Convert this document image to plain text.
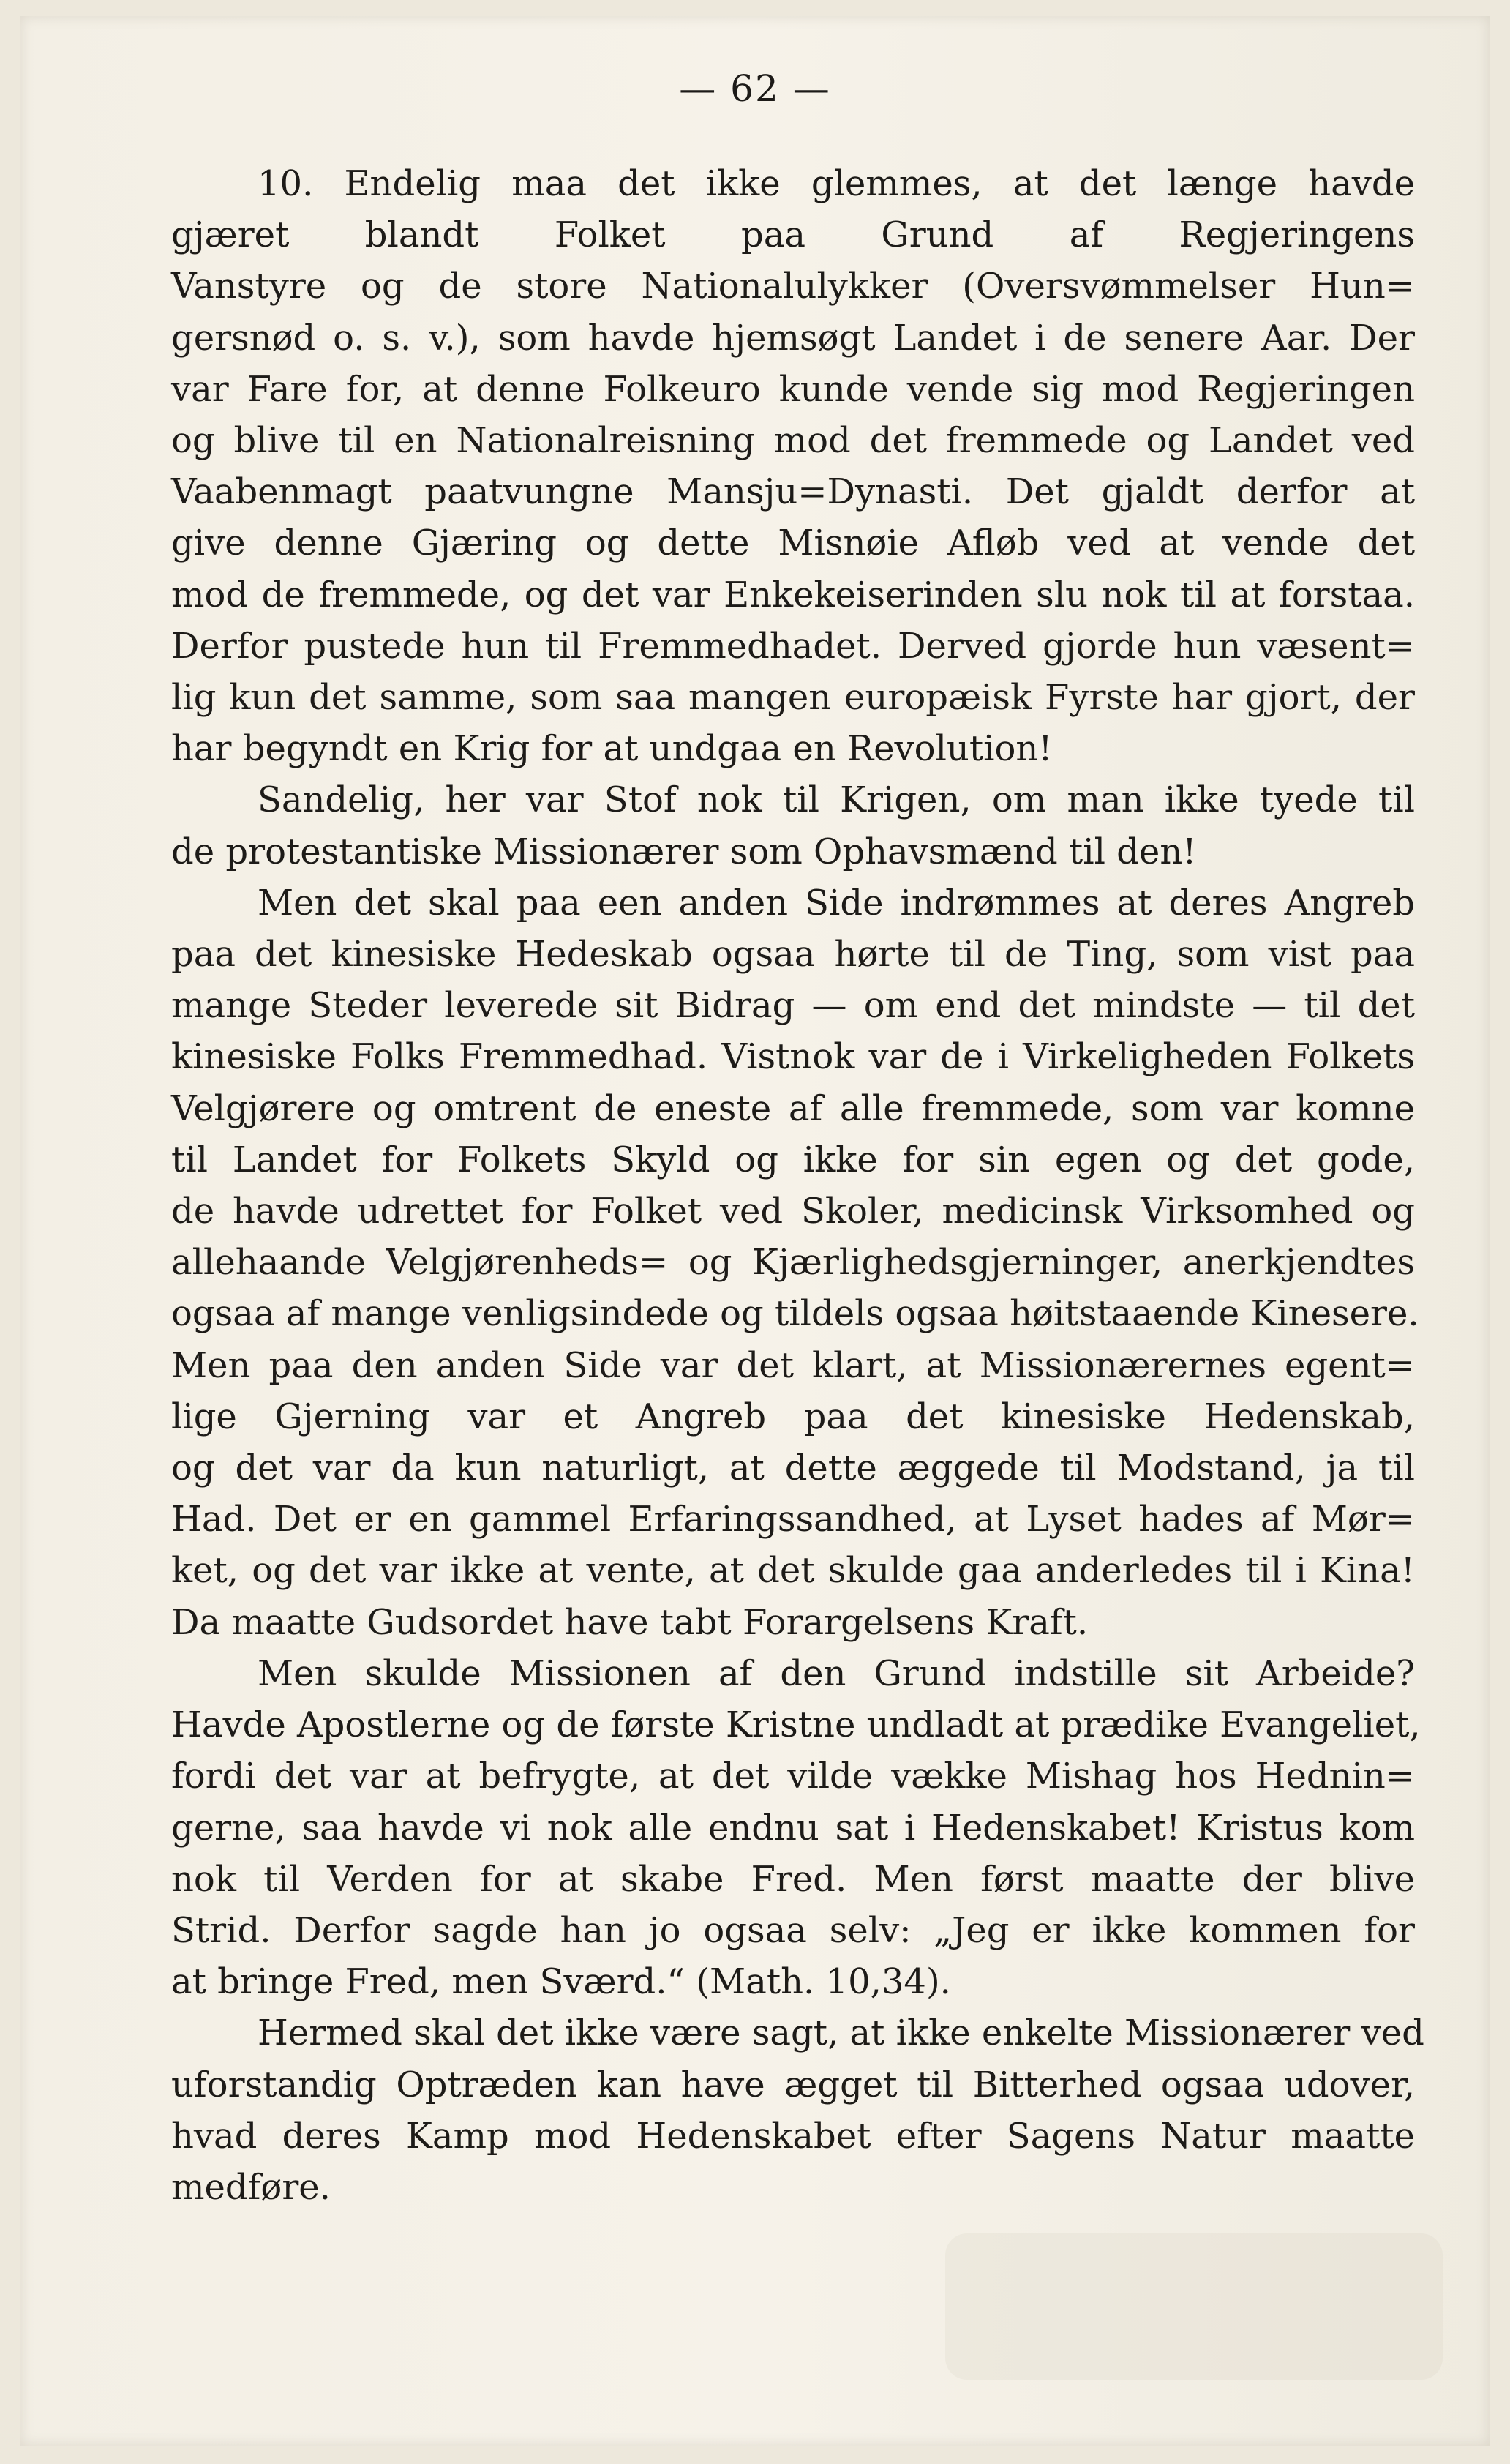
— 62 —
10. Endelig maa det ikke glemmes, at det længe havde
gjæret blandt Folket paa Grund af Regjeringens
Vanstyre og de store Nationalulykker (Oversvømmelser Hun=
gersnød o. s. v.), som havde hjemsøgt Landet i de senere Aar. Der
var Fare for, at denne Folkeuro kunde vende sig mod Regjeringen
og blive til en Nationalreisning mod det fremmede og Landet ved
Vaabenmagt paatvungne Mansju=Dynasti. Det gjaldt derfor at
give denne Gjæring og dette Misnøie Afløb ved at vende det
mod de fremmede, og det var Enkekeiserinden slu nok til at forstaa.
Derfor pustede hun til Fremmedhadet. Derved gjorde hun væsent=
lig kun det samme, som saa mangen europæisk Fyrste har gjort, der
har begyndt en Krig for at undgaa en Revolution!
Sandelig, her var Stof nok til Krigen, om man ikke tyede til
de protestantiske Missionærer som Ophavsmænd til den!
Men det skal paa een anden Side indrømmes at deres Angreb
paa det kinesiske Hedeskab ogsaa hørte til de Ting, som vist paa
mange Steder leverede sit Bidrag — om end det mindste — til det
kinesiske Folks Fremmedhad. Vistnok var de i Virkeligheden Folkets
Velgjørere og omtrent de eneste af alle fremmede, som var komne
til Landet for Folkets Skyld og ikke for sin egen og det gode,
de havde udrettet for Folket ved Skoler, medicinsk Virksomhed og
allehaande Velgjørenheds= og Kjærlighedsgjerninger, anerkjendtes
ogsaa af mange venligsindede og tildels ogsaa høitstaaende Kinesere.
Men paa den anden Side var det klart, at Missionærernes egent=
lige Gjerning var et Angreb paa det kinesiske Hedenskab,
og det var da kun naturligt, at dette æggede til Modstand, ja til
Had. Det er en gammel Erfaringssandhed, at Lyset hades af Mør=
ket, og det var ikke at vente, at det skulde gaa anderledes til i Kina!
Da maatte Gudsordet have tabt Forargelsens Kraft.
Men skulde Missionen af den Grund indstille sit Arbeide?
Havde Apostlerne og de første Kristne undladt at prædike Evangeliet,
fordi det var at befrygte, at det vilde vække Mishag hos Hednin=
gerne, saa havde vi nok alle endnu sat i Hedenskabet! Kristus kom
nok til Verden for at skabe Fred. Men først maatte der blive
Strid. Derfor sagde han jo ogsaa selv: „Jeg er ikke kommen for
at bringe Fred, men Sværd.“ (Math. 10,34).
Hermed skal det ikke være sagt, at ikke enkelte Missionærer ved
uforstandig Optræden kan have ægget til Bitterhed ogsaa udover,
hvad deres Kamp mod Hedenskabet efter Sagens Natur maatte
medføre.
